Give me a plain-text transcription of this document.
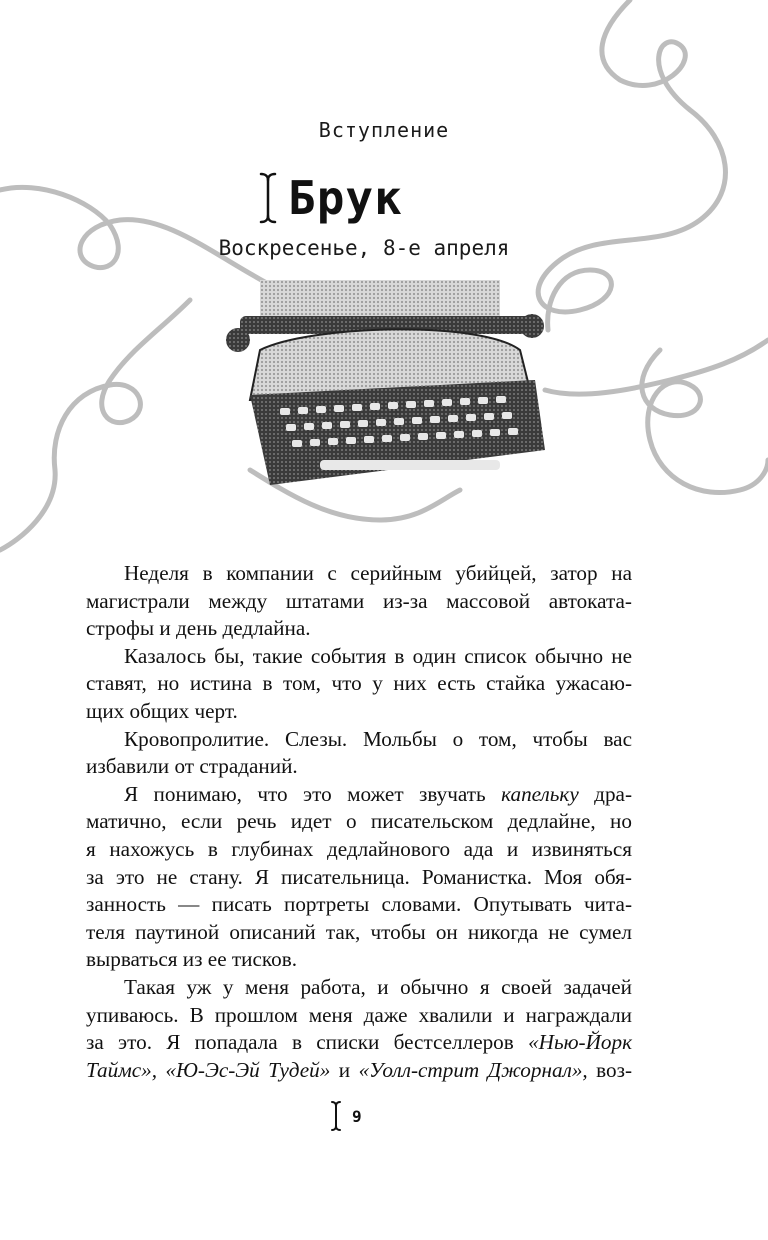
Вступление
Брук
Воскресенье, 8-е апреля
Неделя в компании с серийным убийцей, затор на
магистрали между штатами из-за массовой автоката-
строфы и день дедлайна.
Казалось бы, такие события в один список обычно не
ставят, но истина в том, что у них есть стайка ужасаю-
щих общих черт.
Кровопролитие. Слезы. Мольбы о том, чтобы вас
избавили от страданий.
Я понимаю, что это может звучать капельку дра-
матично, если речь идет о писательском дедлайне, но
я нахожусь в глубинах дедлайнового ада и извиняться
за это не стану. Я писательница. Романистка. Моя обя-
занность — писать портреты словами. Опутывать чита-
теля паутиной описаний так, чтобы он никогда не сумел
вырваться из ее тисков.
Такая уж у меня работа, и обычно я своей задачей
упиваюсь. В прошлом меня даже хвалили и награждали
за это. Я попадала в списки бестселлеров «Нью-Йорк
Таймс», «Ю-Эс-Эй Тудей» и «Уолл-стрит Джорнал», воз-
9
